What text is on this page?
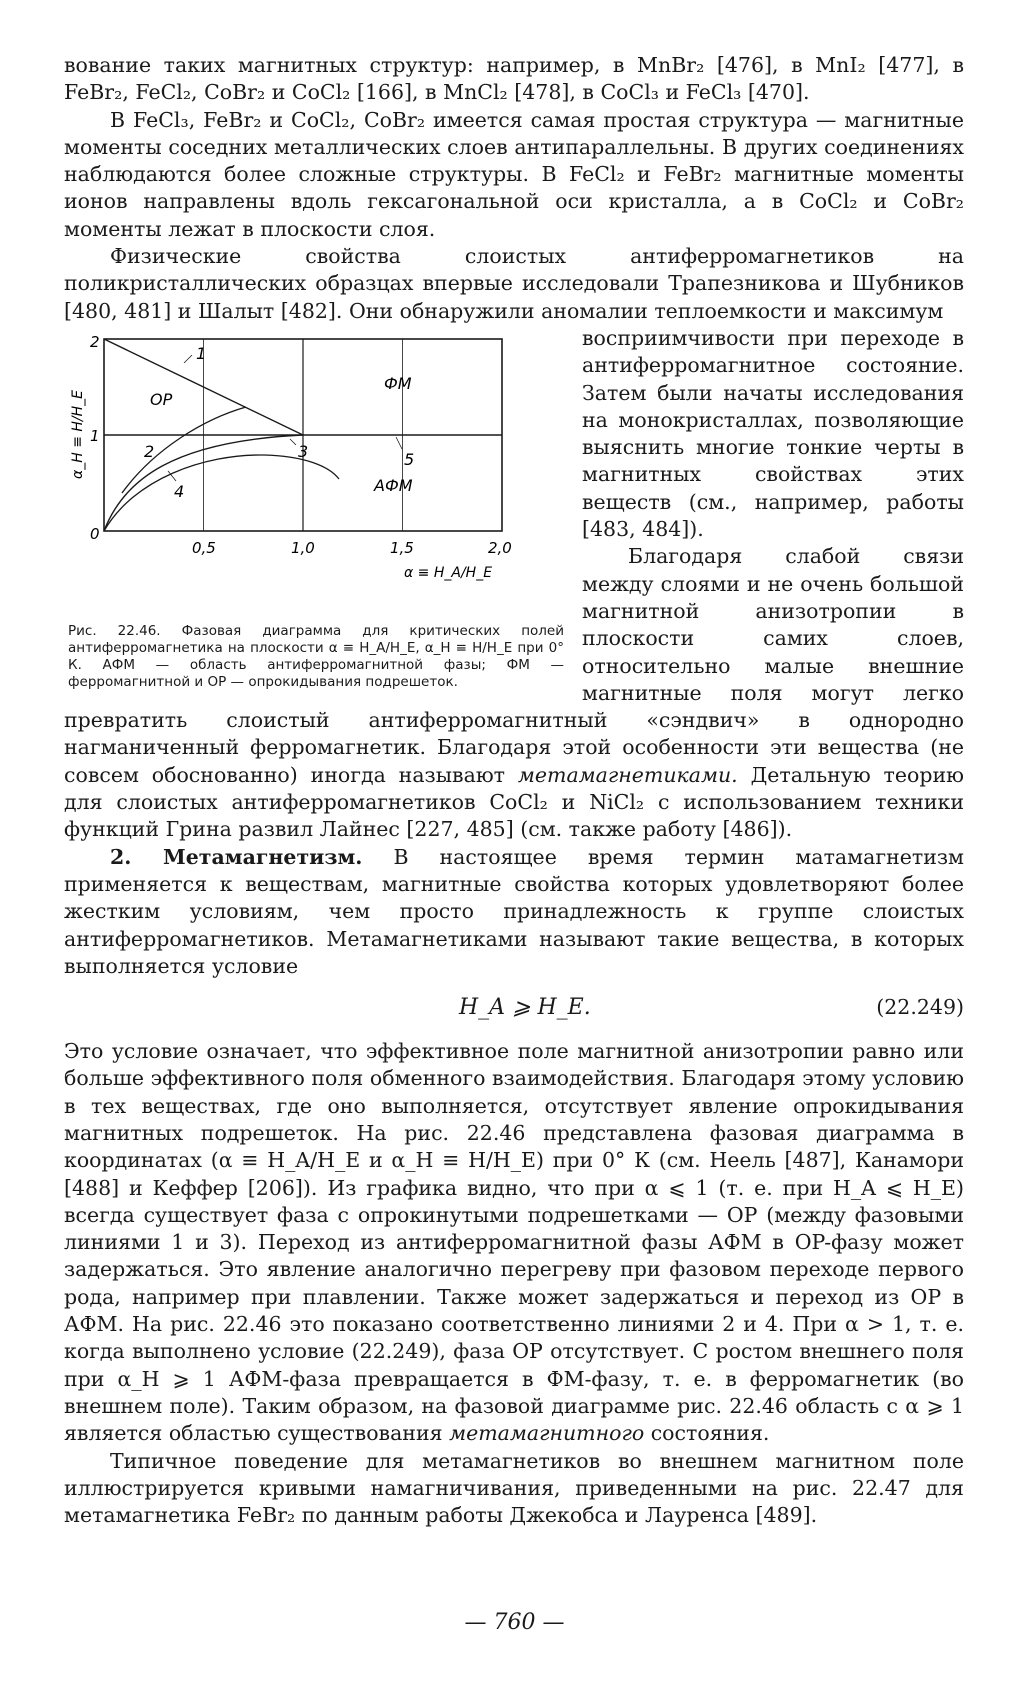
вование таких магнитных структур: например, в MnBr₂ [476], в MnI₂ [477], в FeBr₂, FeCl₂, CoBr₂ и CoCl₂ [166], в MnCl₂ [478], в CoCl₃ и FeCl₃ [470].

В FeCl₃, FeBr₂ и CoCl₂, CoBr₂ имеется самая простая структура — магнитные моменты соседних металлических слоев антипараллельны. В других соединениях наблюдаются более сложные структуры. В FeCl₂ и FeBr₂ магнитные моменты ионов направлены вдоль гексагональной оси кристалла, а в CoCl₂ и CoBr₂ моменты лежат в плоскости слоя.

Физические свойства слоистых антиферромагнетиков на поликристаллических образцах впервые исследовали Трапезникова и Шубников [480, 481] и Шалыт [482]. Они обнаружили аномалии теплоемкости и максимум

1
2	3
4
5
ФМ
OP
АФМ
2
1
0
0,5	1,0	1,5	2,0
α ≡ H_A/H_E
α_H ≡ H/H_E
Рис. 22.46. Фазовая диаграмма для критических полей антиферромагнетика на плоскости α ≡ H_A/H_E, α_H ≡ H/H_E при 0° К. АФМ — область антиферромагнитной фазы; ФМ — ферромагнитной и OP — опрокидывания подрешеток.

восприимчивости при переходе в антиферромагнитное состояние. Затем были начаты исследования на монокристаллах, позволяющие выяснить многие тонкие черты в магнитных свойствах этих веществ (см., например, работы [483, 484]).

Благодаря слабой связи между слоями и не очень большой магнитной анизотропии в плоскости самих слоев, относительно малые внешние магнитные поля могут легко превратить слоистый антиферромагнитный «сэндвич» в однородно нагманиченный ферромагнетик. Благодаря этой особенности эти вещества (не совсем обоснованно) иногда называют метамагнетиками. Детальную теорию для слоистых антиферромагнетиков CoCl₂ и NiCl₂ с использованием техники функций Грина развил Лайнес [227, 485] (см. также работу [486]).

2. Метамагнетизм. В настоящее время термин матамагнетизм применяется к веществам, магнитные свойства которых удовлетворяют более жестким условиям, чем просто принадлежность к группе слоистых антиферромагнетиков. Метамагнетиками называют такие вещества, в которых выполняется условие

H_A ⩾ H_E.	(22.249)

Это условие означает, что эффективное поле магнитной анизотропии равно или больше эффективного поля обменного взаимодействия. Благодаря этому условию в тех веществах, где оно выполняется, отсутствует явление опрокидывания магнитных подрешеток. На рис. 22.46 представлена фазовая диаграмма в координатах (α ≡ H_A/H_E и α_H ≡ H/H_E) при 0° К (см. Неель [487], Канамори [488] и Кеффер [206]). Из графика видно, что при α ⩽ 1 (т. е. при H_A ⩽ H_E) всегда существует фаза с опрокинутыми подрешетками — OP (между фазовыми линиями 1 и 3). Переход из антиферромагнитной фазы АФМ в OP-фазу может задержаться. Это явление аналогично перегреву при фазовом переходе первого рода, например при плавлении. Также может задержаться и переход из OP в АФМ. На рис. 22.46 это показано соответственно линиями 2 и 4. При α > 1, т. е. когда выполнено условие (22.249), фаза OP отсутствует. С ростом внешнего поля при α_H ⩾ 1 АФМ-фаза превращается в ФМ-фазу, т. е. в ферромагнетик (во внешнем поле). Таким образом, на фазовой диаграмме рис. 22.46 область с α ⩾ 1 является областью существования метамагнитного состояния.

Типичное поведение для метамагнетиков во внешнем магнитном поле иллюстрируется кривыми намагничивания, приведенными на рис. 22.47 для метамагнетика FeBr₂ по данным работы Джекобса и Лауренса [489].

— 760 —
